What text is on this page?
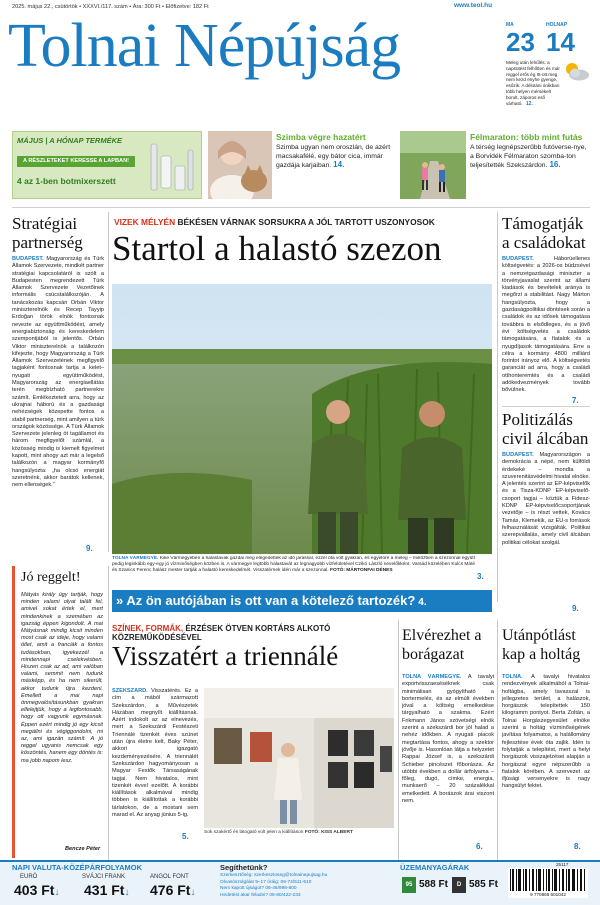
2025. május 22., csütörtök • XXXVI./117. szám • Ára: 300 Ft • Előfizetve: 182 Ft	www.teol.hu
Tolnai Népújság	MA	HOLNAP
23 14
Meleg után lehűlés: a napsütést felhőtlen és már reggel erős ég Itt-ott meg nem kezd enyhe gyenge, esőzik. A délutáni órákban több helyen mérsékelt borult, záporos eső várható. 12.
MÁJUS | A HÓNAP TERMÉKE
A RÉSZLETEKET KERESSE A LAPBAN!
4 az 1-ben botmixerszett
Szimba végre hazatért
Szimba ugyan nem oroszlán, de azért macsakafélé, egy bátor cica, immár gazdája karjaiban. 14.
Félmaraton: több mint futás
A térség legnépszerűbb futóverse-nye, a Borvidék Félmaraton szomba-ton teljesítették Szekszárdon. 16.
Stratégiai partnerség
BUDAPEST. Magyarország és Türk Államok Szervezete, mindkét partner stratégiai kapcsolatáról is szólt a Budapesten megrendezett Türk Államok Szervezete Vezetőinek informális csúcstalálkozóján. A tanácskozás kapcsán Orbán Viktor miniszterelnök és Recep Tayyip Erdoğan török elnök fontosnak nevezte az együttműködést, amely energiabiztonság és kereskedelem szempontjából is jelentős. Orbán Viktor miniszterelnök a találkozón kifejezte, hogy Magyarország a Türk Államok Szervezetének megfigyelő tagjaként fontosnak tartja a kelet–nyugati együttműködést, Magyarország az energiaellátás terén megbízható partnerekre számít. Emlékeztetett arra, hogy az ukrajnai háború és a gazdasági nehézségek közepette fontos a stabil partnerség, mint amilyen a türk országok közössége. A Türk Államok Szervezete jelenleg öt tagállamot és három megfigyelőt számlál, a közösség mindig is kiemelt figyelmet kapott, mint ahogy azt már a legelső találkozón a magyar kormányfő hangsúlyozta: „ha olcsó energiát szeretnénk, akkor barátok kellenek, nem ellenségek.”
9.
VIZEK MÉLYÉN BÉKÉSEN VÁRNAK SORSUKRA A JÓL TARTOTT USZONYOSOK
Startol a halastó szezon
TOLNA VÁRMEGYE. Kike Vármegyeben a halastavak gazdái még elégedettek az idő járással, ezzel óta volt gyakran, és egyelőre a meleg – miközben a szezonnal együtt pedig leginkább egy-egy jó vízminőségben közben is. A vármegye legtöbb halastavát az legnagyobb vízfelületével Czikó László nevelőkként. Varsád közelében Kulcs Máté és Szanics Ferenc halász mester tartják a halastó kereskedelmét. Visszatérnek idén már a szezonnal. FOTÓ: MÁRTONFAI DÉNES
3.
» Az ön autójában is ott van a kötelező tartozék? 4.
Támogatják a családokat
BUDAPEST.	Háborúellenes költségvetés: a 2026-os büdzsével a nemzetgazdasági miniszter a törvényjavaslat szerint az állami kiadások és bevételek aránya is megőrzi a stabilitást. Nagy Márton hangsúlyozta, hogy a gazdaságpolitikai döntések során a családok és az idősek támogatása továbbra is elsődleges, és a jövő évi költségvetés a családok támogatására, a fiatalok és a nyugdíjasok támogatására. Erre a célra a kormány 4800 milliárd forintot irányoz elő. A költségvetés garanciát ad arra, hogy a családi otthonteremtés és a családi adókedvezmények tovább bővülnek.
7.
Politizálás civil álcában
BUDAPEST. Magyarországon a demokrácia a népé, nem külföldi érdekeké – mondta a szuverenitásvédelmi hivatal elnöke. A jelentés szerint az EP-képviselők és a Tisza-KDNP EP-képviselő-csoport tagjai – köztük a Fidesz-KDNP EP-képviselőcsoportjának vezetője – is részt vettek, Kovács Tamás, Klemekik, az EU-s források felhasználását vizsgálták. Politikai szerepvállalás, amely civil álcában politikai célokat szolgál.
9.
Jó reggelt!
Mátyás király úgy tartják, hogy minden valami olyat talált fel, amivel sokat értek el, mert mindenkinek a szemében az igazság éppen kigondolt. A mai Mátyásnak mindig kicsit minden most csak az ideje, hogy valami ötlet, amit a franciák a fontos tudásokban, igyekezzél a mindennapi cselekvésben. Hiszen csak az ad, ami valóban valami, semmit nem tudunk másképp, és ha nem sikerült, akkor tudunk újra kezdeni. Emellett a mai napi önmegvalósításunkban gyakran elfelejtjük, hogy a legfontosabb, hogy ott vagyunk egymásnak. Éppen ezért mindig jó egy kicsit megállni és végiggondolni, mi az, ami igazán számít. A jó reggel ugyanis nemcsak egy köszöntés, hanem egy döntés is: ma jobb napom lesz.
Bencze Péter
SZÍNEK, FORMÁK, ÉRZÉSEK ÖTVEN KORTÁRS ALKOTÓ KÖZREMŰKÖDÉSÉVEL
Visszatért a triennálé
SZEKSZÁRD. Visszatérés. Ez a cím a mából származott Szekszárdon, a Művészetek Házában megnyílt kiállításnak. Azért indokolt az az elnevezés, mert a Szekszárdi Festészeti Triennálé tizenkét éves szünet után újra életre kelt, Baky Péter, akkori igazgató kezdeményezésére. A triennálét Szekszárdon hagyományosan a Magyar Festők Társaságának tagjai. Nem hivatalos, mint tizenkét évvel ezelőtt. A korábbi kiállítások alkalmával mindig többen is kiállítottak a korábbi tárlatokon, de a mostani sem marad el. Az anyag június 5-ig.
5.	Sok szakértő és látogató volt jelen a kiállításon FOTÓ: KISS ALBERT
Elvérezhet a borágazat
TOLNA VÁRMEGYE. A tavalyi exportvisszaeséséknek csak minimálisan gyógyítható a bortermelés, és az elmúlt években jóval a költség emelkedése tárgyalható a szakma. Ezért Frikmann János szövetségi elnök szerint a szekszárdi bor jól halad a nehéz időkben. A nyugati piacok megtartása fontos, ahogy a szektor jövője is. Hasonlóan látja a helyzetet Rappai József is, a szekszárdi Schieber pincészet főborásza. Az utóbbi években a dollár árfolyama – főleg, dugó, címke, energia, munkaerő – 20 százalékkal emelkedett. A borászok árai viszont nem.
6.
Utánpótlást kap a holtág
TOLNA. A tavalyi hivatalos rendezvények alkalmából a Tolnai-holtágba, amely tavasszal is jellegzetes terület, a halászok, horgászok telepítettek 150 kilogramm pontyot. Berta Zoltán, a Tolnai Horgászegyesület elnöke szerint a holtág vízminőségének javítása folyamatos, a halállomány fejlesztése évek óta zajlik. Idén is folytatják a telepítést, mert a helyi horgászok visszajelzései alapján a horgászat egyre népszerűbb a fiatalok körében. A szervezet az ifjúsági versenyekre is nagy hangsúlyt fektet.
8.
NAPI VALUTA-KÖZÉPÁRFOLYAMOK
EURÓ
403 Ft↓
SVÁJCI FRANK
431 Ft↓
ANGOL FONT
476 Ft↓
Segíthetünk?
Szerkesztőség: szerkesztoseg@tolnainepujsag.hu
Olvasószolgálat 9–17 óráig: 06-74/511-510
Nem kapott újságot? 06-46/998-800
Hirdetést akar feladni? 06-80/422-233
ÜZEMANYAGÁRAK
95 588 Ft	D 585 Ft
25117
9 770865 601042
